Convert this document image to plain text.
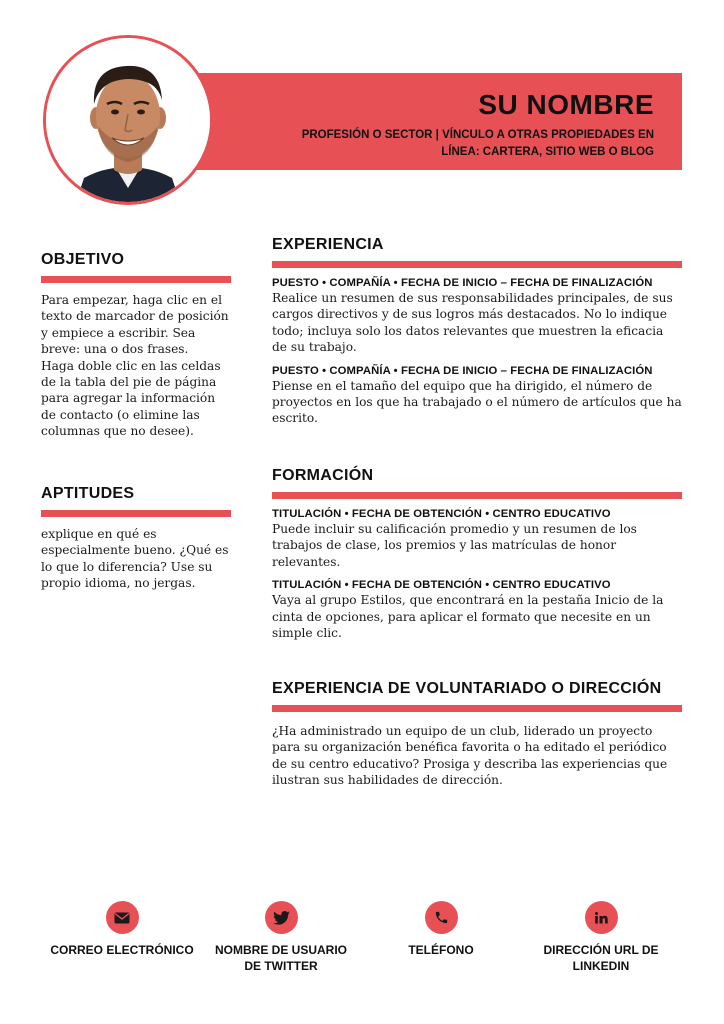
SU NOMBRE
PROFESIÓN O SECTOR | VÍNCULO A OTRAS PROPIEDADES EN LÍNEA: CARTERA, SITIO WEB O BLOG
OBJETIVO
Para empezar, haga clic en el texto de marcador de posición y empiece a escribir. Sea breve: una o dos frases.
Haga doble clic en las celdas de la tabla del pie de página para agregar la información de contacto (o elimine las columnas que no desee).
APTITUDES
explique en qué es especialmente bueno. ¿Qué es lo que lo diferencia? Use su propio idioma, no jergas.
EXPERIENCIA
PUESTO • COMPAÑÍA • FECHA DE INICIO – FECHA DE FINALIZACIÓN
Realice un resumen de sus responsabilidades principales, de sus cargos directivos y de sus logros más destacados. No lo indique todo; incluya solo los datos relevantes que muestren la eficacia de su trabajo.
PUESTO • COMPAÑÍA • FECHA DE INICIO – FECHA DE FINALIZACIÓN
Piense en el tamaño del equipo que ha dirigido, el número de proyectos en los que ha trabajado o el número de artículos que ha escrito.
FORMACIÓN
TITULACIÓN • FECHA DE OBTENCIÓN • CENTRO EDUCATIVO
Puede incluir su calificación promedio y un resumen de los trabajos de clase, los premios y las matrículas de honor relevantes.
TITULACIÓN • FECHA DE OBTENCIÓN • CENTRO EDUCATIVO
Vaya al grupo Estilos, que encontrará en la pestaña Inicio de la cinta de opciones, para aplicar el formato que necesite en un simple clic.
EXPERIENCIA DE VOLUNTARIADO O DIRECCIÓN
¿Ha administrado un equipo de un club, liderado un proyecto para su organización benéfica favorita o ha editado el periódico de su centro educativo? Prosiga y describa las experiencias que ilustran sus habilidades de dirección.
CORREO ELECTRÓNICO	NOMBRE DE USUARIO DE TWITTER
TELÉFONO	DIRECCIÓN URL DE LINKEDIN
